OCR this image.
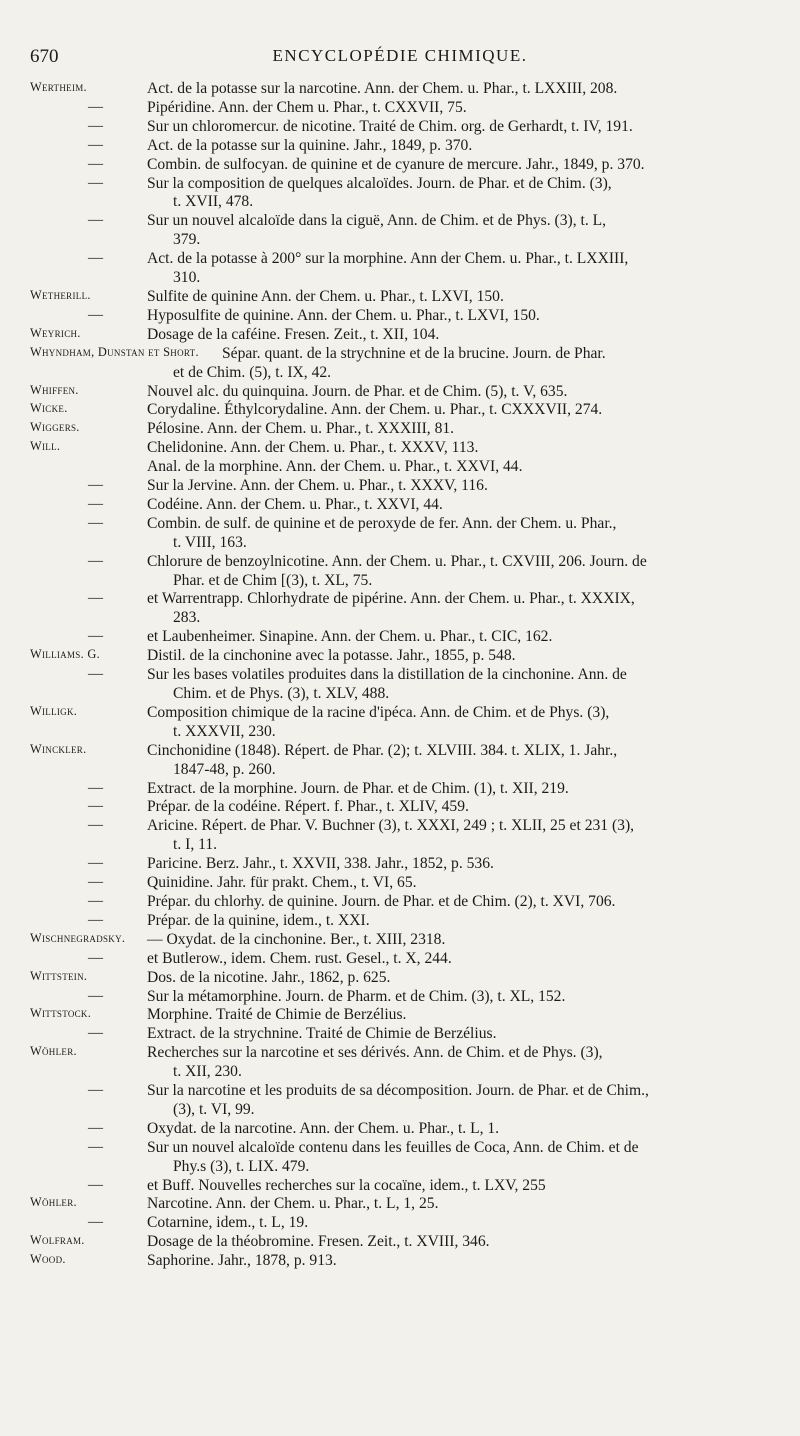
670	ENCYCLOPÉDIE CHIMIQUE.
Wertheim.	Act. de la potasse sur la narcotine. Ann. der Chem. u. Phar., t. LXXIII, 208.
—	Pipéridine. Ann. der Chem u. Phar., t. CXXVII, 75.
—	Sur un chloromercur. de nicotine. Traité de Chim. org. de Gerhardt, t. IV, 191.
—	Act. de la potasse sur la quinine. Jahr., 1849, p. 370.
—	Combin. de sulfocyan. de quinine et de cyanure de mercure. Jahr., 1849, p. 370.
—	Sur la composition de quelques alcaloïdes. Journ. de Phar. et de Chim. (3),
t. XVII, 478.
—	Sur un nouvel alcaloïde dans la ciguë, Ann. de Chim. et de Phys. (3), t. L,
379.
—	Act. de la potasse à 200° sur la morphine. Ann der Chem. u. Phar., t. LXXIII,
310.
Wetherill.	Sulfite de quinine Ann. der Chem. u. Phar., t. LXVI, 150.
—	Hyposulfite de quinine. Ann. der Chem. u. Phar., t. LXVI, 150.
Weyrich.	Dosage de la caféine. Fresen. Zeit., t. XII, 104.
Whyndham, Dunstan et Short. Sépar. quant. de la strychnine et de la brucine. Journ. de Phar.
et de Chim. (5), t. IX, 42.
Whiffen.	Nouvel alc. du quinquina. Journ. de Phar. et de Chim. (5), t. V, 635.
Wicke.	Corydaline. Éthylcorydaline. Ann. der Chem. u. Phar., t. CXXXVII, 274.
Wiggers.	Pélosine. Ann. der Chem. u. Phar., t. XXXIII, 81.
Will.	Chelidonine. Ann. der Chem. u. Phar., t. XXXV, 113.
Anal. de la morphine. Ann. der Chem. u. Phar., t. XXVI, 44.
—	Sur la Jervine. Ann. der Chem. u. Phar., t. XXXV, 116.
—	Codéine. Ann. der Chem. u. Phar., t. XXVI, 44.
—	Combin. de sulf. de quinine et de peroxyde de fer. Ann. der Chem. u. Phar.,
t. VIII, 163.
—	Chlorure de benzoylnicotine. Ann. der Chem. u. Phar., t. CXVIII, 206. Journ. de
Phar. et de Chim [(3), t. XL, 75.
—	et Warrentrapp. Chlorhydrate de pipérine. Ann. der Chem. u. Phar., t. XXXIX,
283.
—	et Laubenheimer. Sinapine. Ann. der Chem. u. Phar., t. CIC, 162.
Williams. G.	Distil. de la cinchonine avec la potasse. Jahr., 1855, p. 548.
—	Sur les bases volatiles produites dans la distillation de la cinchonine. Ann. de
Chim. et de Phys. (3), t. XLV, 488.
Willigk.	Composition chimique de la racine d'ipéca. Ann. de Chim. et de Phys. (3),
t. XXXVII, 230.
Winckler.	Cinchonidine (1848). Répert. de Phar. (2); t. XLVIII. 384. t. XLIX, 1. Jahr.,
1847-48, p. 260.
—	Extract. de la morphine. Journ. de Phar. et de Chim. (1), t. XII, 219.
—	Prépar. de la codéine. Répert. f. Phar., t. XLIV, 459.
—	Aricine. Répert. de Phar. V. Buchner (3), t. XXXI, 249 ; t. XLII, 25 et 231 (3),
t. I, 11.
—	Paricine. Berz. Jahr., t. XXVII, 338. Jahr., 1852, p. 536.
—	Quinidine. Jahr. für prakt. Chem., t. VI, 65.
—	Prépar. du chlorhy. de quinine. Journ. de Phar. et de Chim. (2), t. XVI, 706.
—	Prépar. de la quinine, idem., t. XXI.
Wischnegradsky. — Oxydat. de la cinchonine. Ber., t. XIII, 2318.
—	et Butlerow., idem. Chem. rust. Gesel., t. X, 244.
Wittstein.	Dos. de la nicotine. Jahr., 1862, p. 625.
—	Sur la métamorphine. Journ. de Pharm. et de Chim. (3), t. XL, 152.
Wittstock.	Morphine. Traité de Chimie de Berzélius.
—	Extract. de la strychnine. Traité de Chimie de Berzélius.
Wöhler.	Recherches sur la narcotine et ses dérivés. Ann. de Chim. et de Phys. (3),
t. XII, 230.
—	Sur la narcotine et les produits de sa décomposition. Journ. de Phar. et de Chim.,
(3), t. VI, 99.
—	Oxydat. de la narcotine. Ann. der Chem. u. Phar., t. L, 1.
—	Sur un nouvel alcaloïde contenu dans les feuilles de Coca, Ann. de Chim. et de
Phy.s (3), t. LIX. 479.
—	et Buff. Nouvelles recherches sur la cocaïne, idem., t. LXV, 255
Wöhler.	Narcotine. Ann. der Chem. u. Phar., t. L, 1, 25.
—	Cotarnine, idem., t. L, 19.
Wolfram.	Dosage de la théobromine. Fresen. Zeit., t. XVIII, 346.
Wood.	Saphorine. Jahr., 1878, p. 913.
